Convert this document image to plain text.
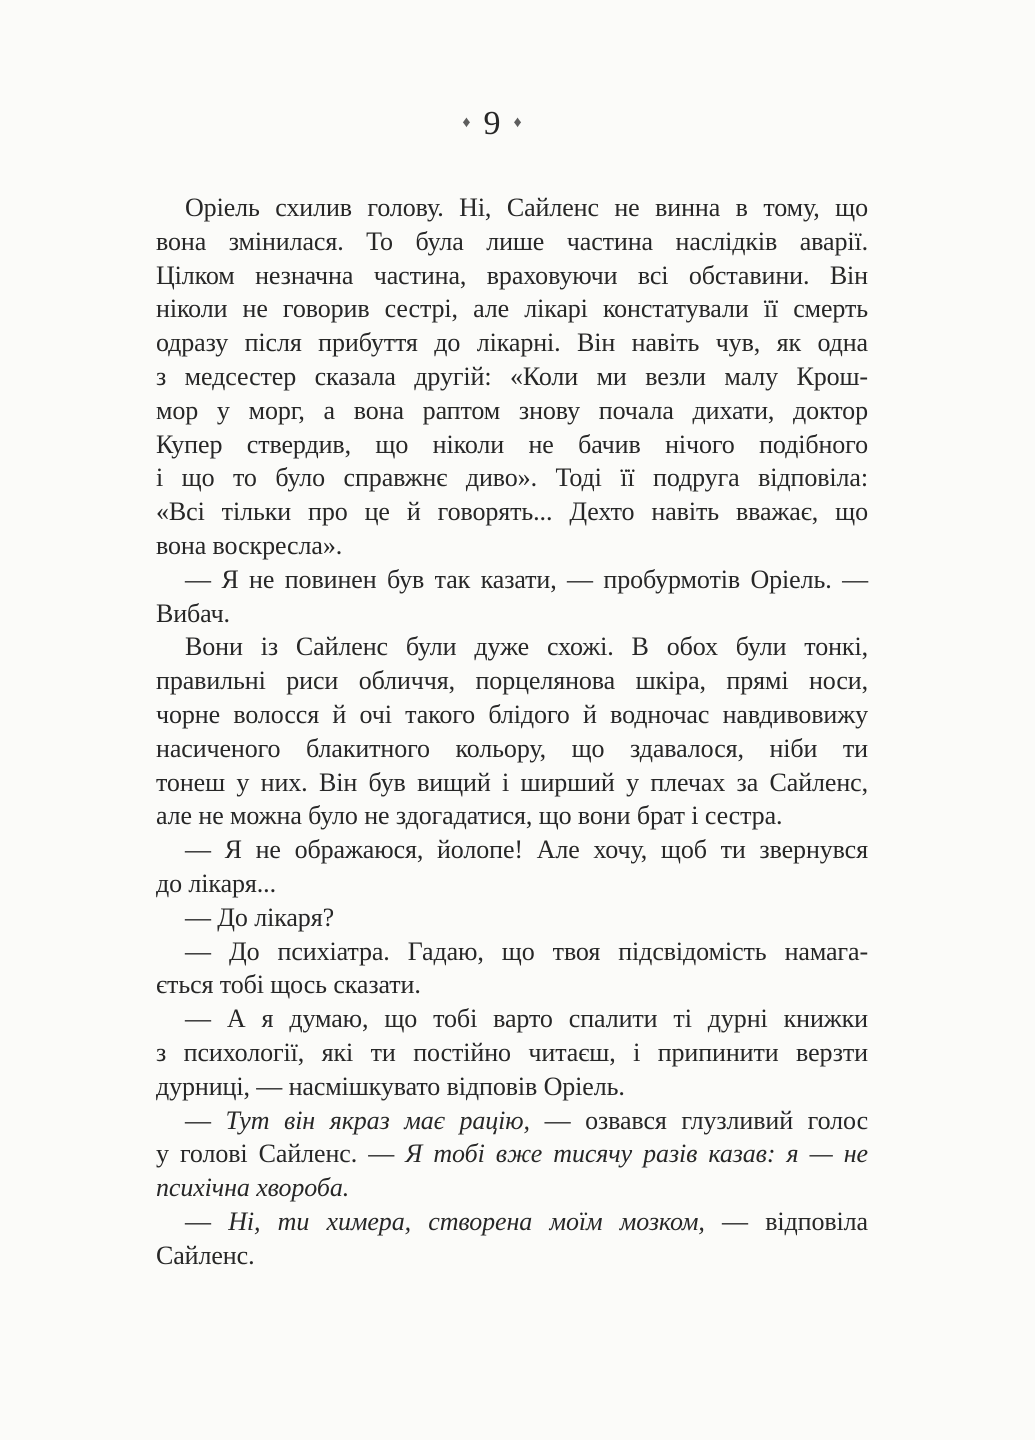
♦ 9 ♦
Оріель схилив голову. Ні, Сайленс не винна в тому, що
вона змінилася. То була лише частина наслідків аварії.
Цілком незначна частина, враховуючи всі обставини. Він
ніколи не говорив сестрі, але лікарі констатували її смерть
одразу після прибуття до лікарні. Він навіть чув, як одна
з медсестер сказала другій: «Коли ми везли малу Крош-
мор у морг, а вона раптом знову почала дихати, доктор
Купер ствердив, що ніколи не бачив нічого подібного
і що то було справжнє диво». Тоді її подруга відповіла:
«Всі тільки про це й говорять... Дехто навіть вважає, що
вона воскресла».
— Я не повинен був так казати, — пробурмотів Оріель. —
Вибач.
Вони із Сайленс були дуже схожі. В обох були тонкі,
правильні риси обличчя, порцелянова шкіра, прямі носи,
чорне волосся й очі такого блідого й водночас навдивовижу
насиченого блакитного кольору, що здавалося, ніби ти
тонеш у них. Він був вищий і ширший у плечах за Сайленс,
але не можна було не здогадатися, що вони брат і сестра.
— Я не ображаюся, йолопе! Але хочу, щоб ти звернувся
до лікаря...
— До лікаря?
— До психіатра. Гадаю, що твоя підсвідомість намага-
ється тобі щось сказати.
— А я думаю, що тобі варто спалити ті дурні книжки
з психології, які ти постійно читаєш, і припинити верзти
дурниці, — насмішкувато відповів Оріель.
— Тут він якраз має рацію, — озвався глузливий голос
у голові Сайленс. — Я тобі вже тисячу разів казав: я — не
психічна хвороба.
— Ні, ти химера, створена моїм мозком, — відповіла
Сайленс.
